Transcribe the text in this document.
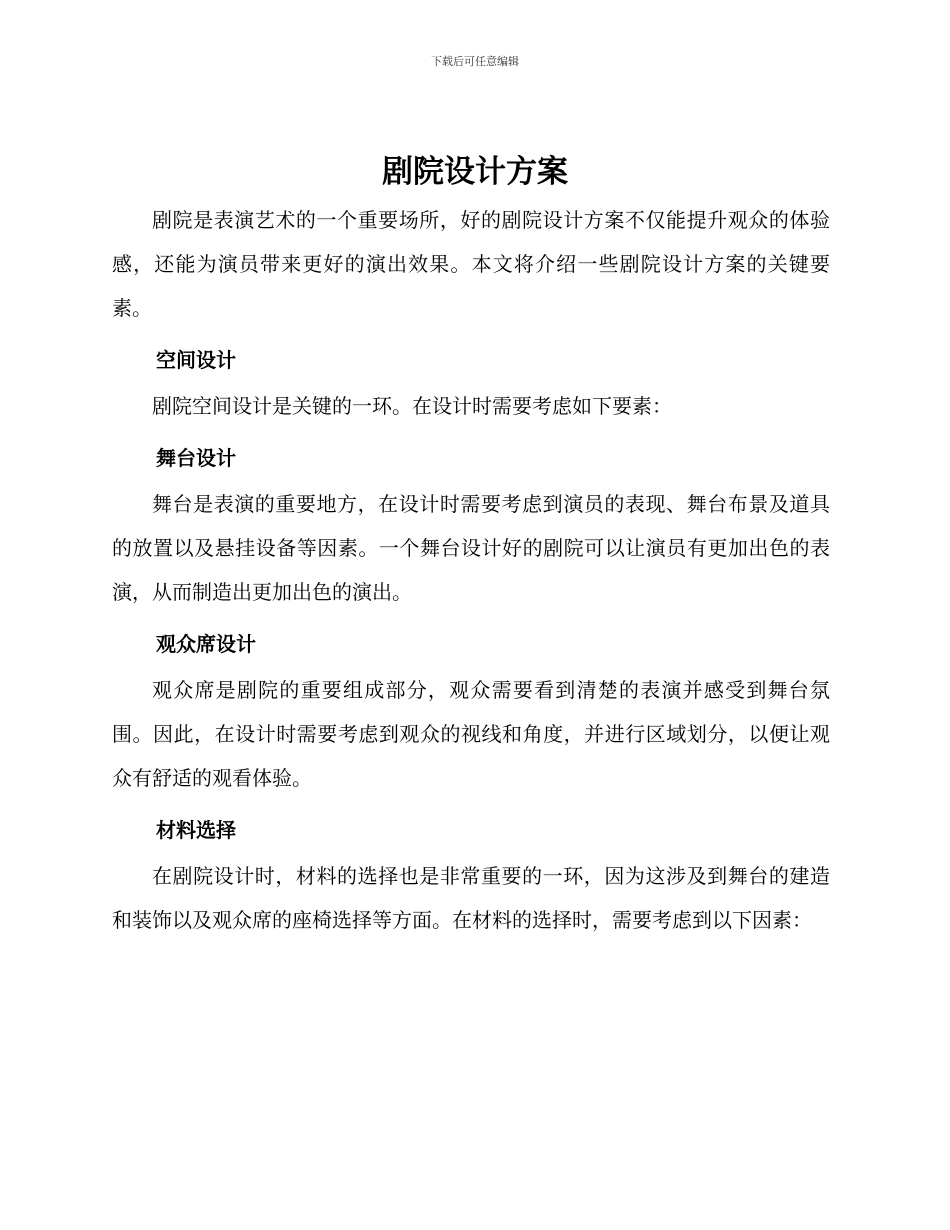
下载后可任意编辑
剧院设计方案

剧院是表演艺术的一个重要场所，好的剧院设计方案不仅能提升观众的体验感，还能为演员带来更好的演出效果。本文将介绍一些剧院设计方案的关键要素。

空间设计

剧院空间设计是关键的一环。在设计时需要考虑如下要素：

舞台设计

舞台是表演的重要地方，在设计时需要考虑到演员的表现、舞台布景及道具的放置以及悬挂设备等因素。一个舞台设计好的剧院可以让演员有更加出色的表演，从而制造出更加出色的演出。

观众席设计

观众席是剧院的重要组成部分，观众需要看到清楚的表演并感受到舞台氛围。因此，在设计时需要考虑到观众的视线和角度，并进行区域划分，以便让观众有舒适的观看体验。

材料选择

在剧院设计时，材料的选择也是非常重要的一环，因为这涉及到舞台的建造和装饰以及观众席的座椅选择等方面。在材料的选择时，需要考虑到以下因素：
